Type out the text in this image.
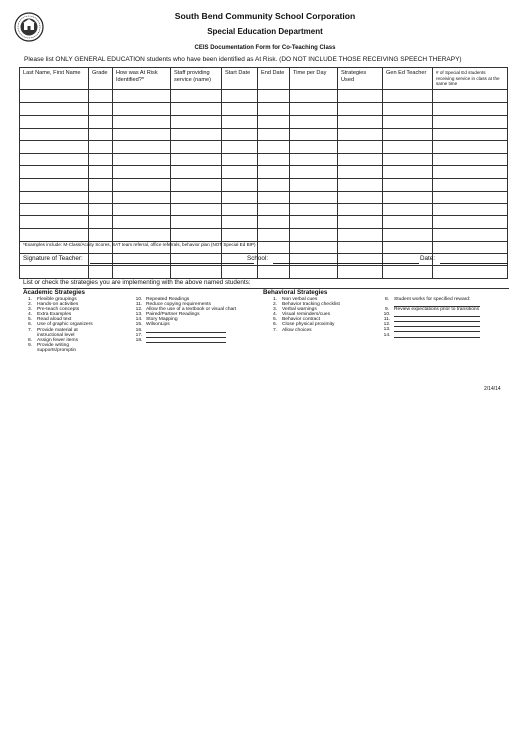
South Bend Community School Corporation
Special Education Department
CEIS Documentation Form for Co-Teaching Class
Please list ONLY GENERAL EDUCATION students who have been identified as At Risk. (DO NOT INCLUDE THOSE RECEIVING SPEECH THERAPY)
Last Name, First Name	Grade	How was At Risk Identified?*	Staff providing service (name)	Start Date	End Date	Time per Day	Strategies Used	Gen Ed Teacher	# of Special Ed students receiving service in class at the same time

*Examples include: M-Class/Acuity Scores, SAT team referral, office referrals, behavior plan (NOT Special Ed BIP)
Signature of Teacher:	School:	Date:
List or check the strategies you are implementing with the above named students:
Academic Strategies
1.	Flexible groupings
2.	Hands-on activities
3.	Pre-teach concepts
4.	Extra Examples
5.	Read aloud text
6.	Use of graphic organizers
7.	Provide material at
instructional level
8.	Assign fewer items
9.	Provide writing
supports/promptin
10. Repeated Readings
11. Reduce copying requirements
12. Allow the use of a textbook or visual chart
13. Paired/Partner Readings
14. Story Mapping
15. WilsonLips
16.
17.
18.
Behavioral Strategies
1.	Non verbal cues
2.	Behavior tracking checklist
3.	Verbal warnings
4.	Visual reminders/cues
5.	Behavior contract
6.	Close physical proximity
7.	Allow choices
8.	Student works for specified reward:
9.	Review expectations prior to transitions
10.
11.
12.
13.
14.
2/14/14
